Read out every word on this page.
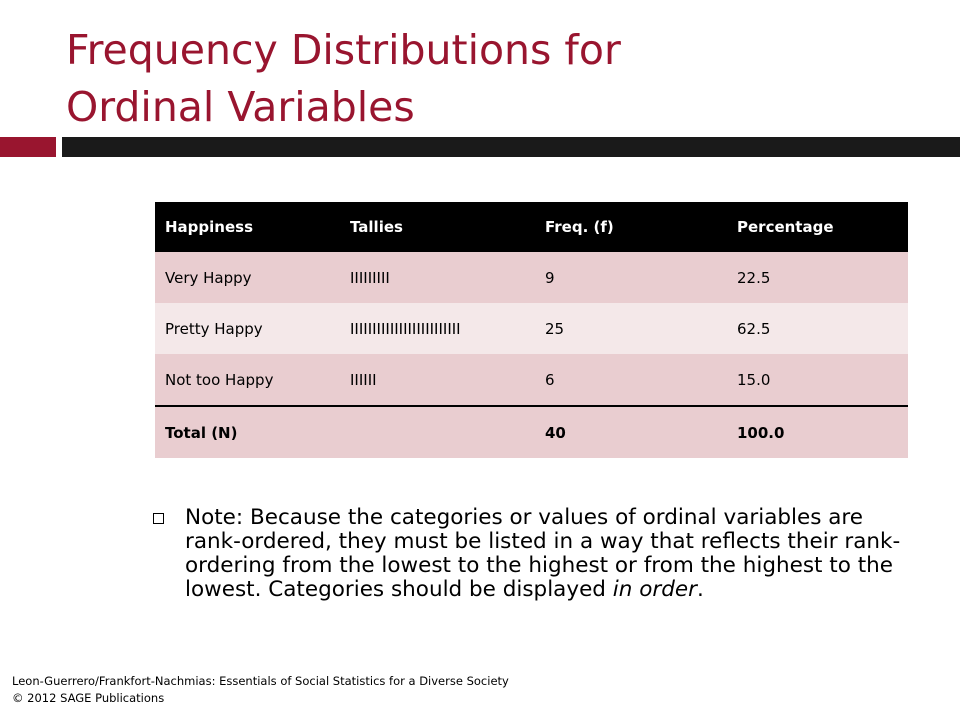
Frequency Distributions for
Ordinal Variables
Happiness	Tallies	Freq. (f)	Percentage
Very Happy	IIIIIIIII	9	22.5
Pretty Happy	IIIIIIIIIIIIIIIIIIIIIIIII	25	62.5
Not too Happy	IIIIII	6	15.0
Total (N)		40	100.0
Note: Because the categories or values of ordinal variables are rank-ordered, they must be listed in a way that reflects their rank-ordering from the lowest to the highest or from the highest to the lowest. Categories should be displayed in order.
Leon-Guerrero/Frankfort-Nachmias: Essentials of Social Statistics for a Diverse Society
© 2012 SAGE Publications
